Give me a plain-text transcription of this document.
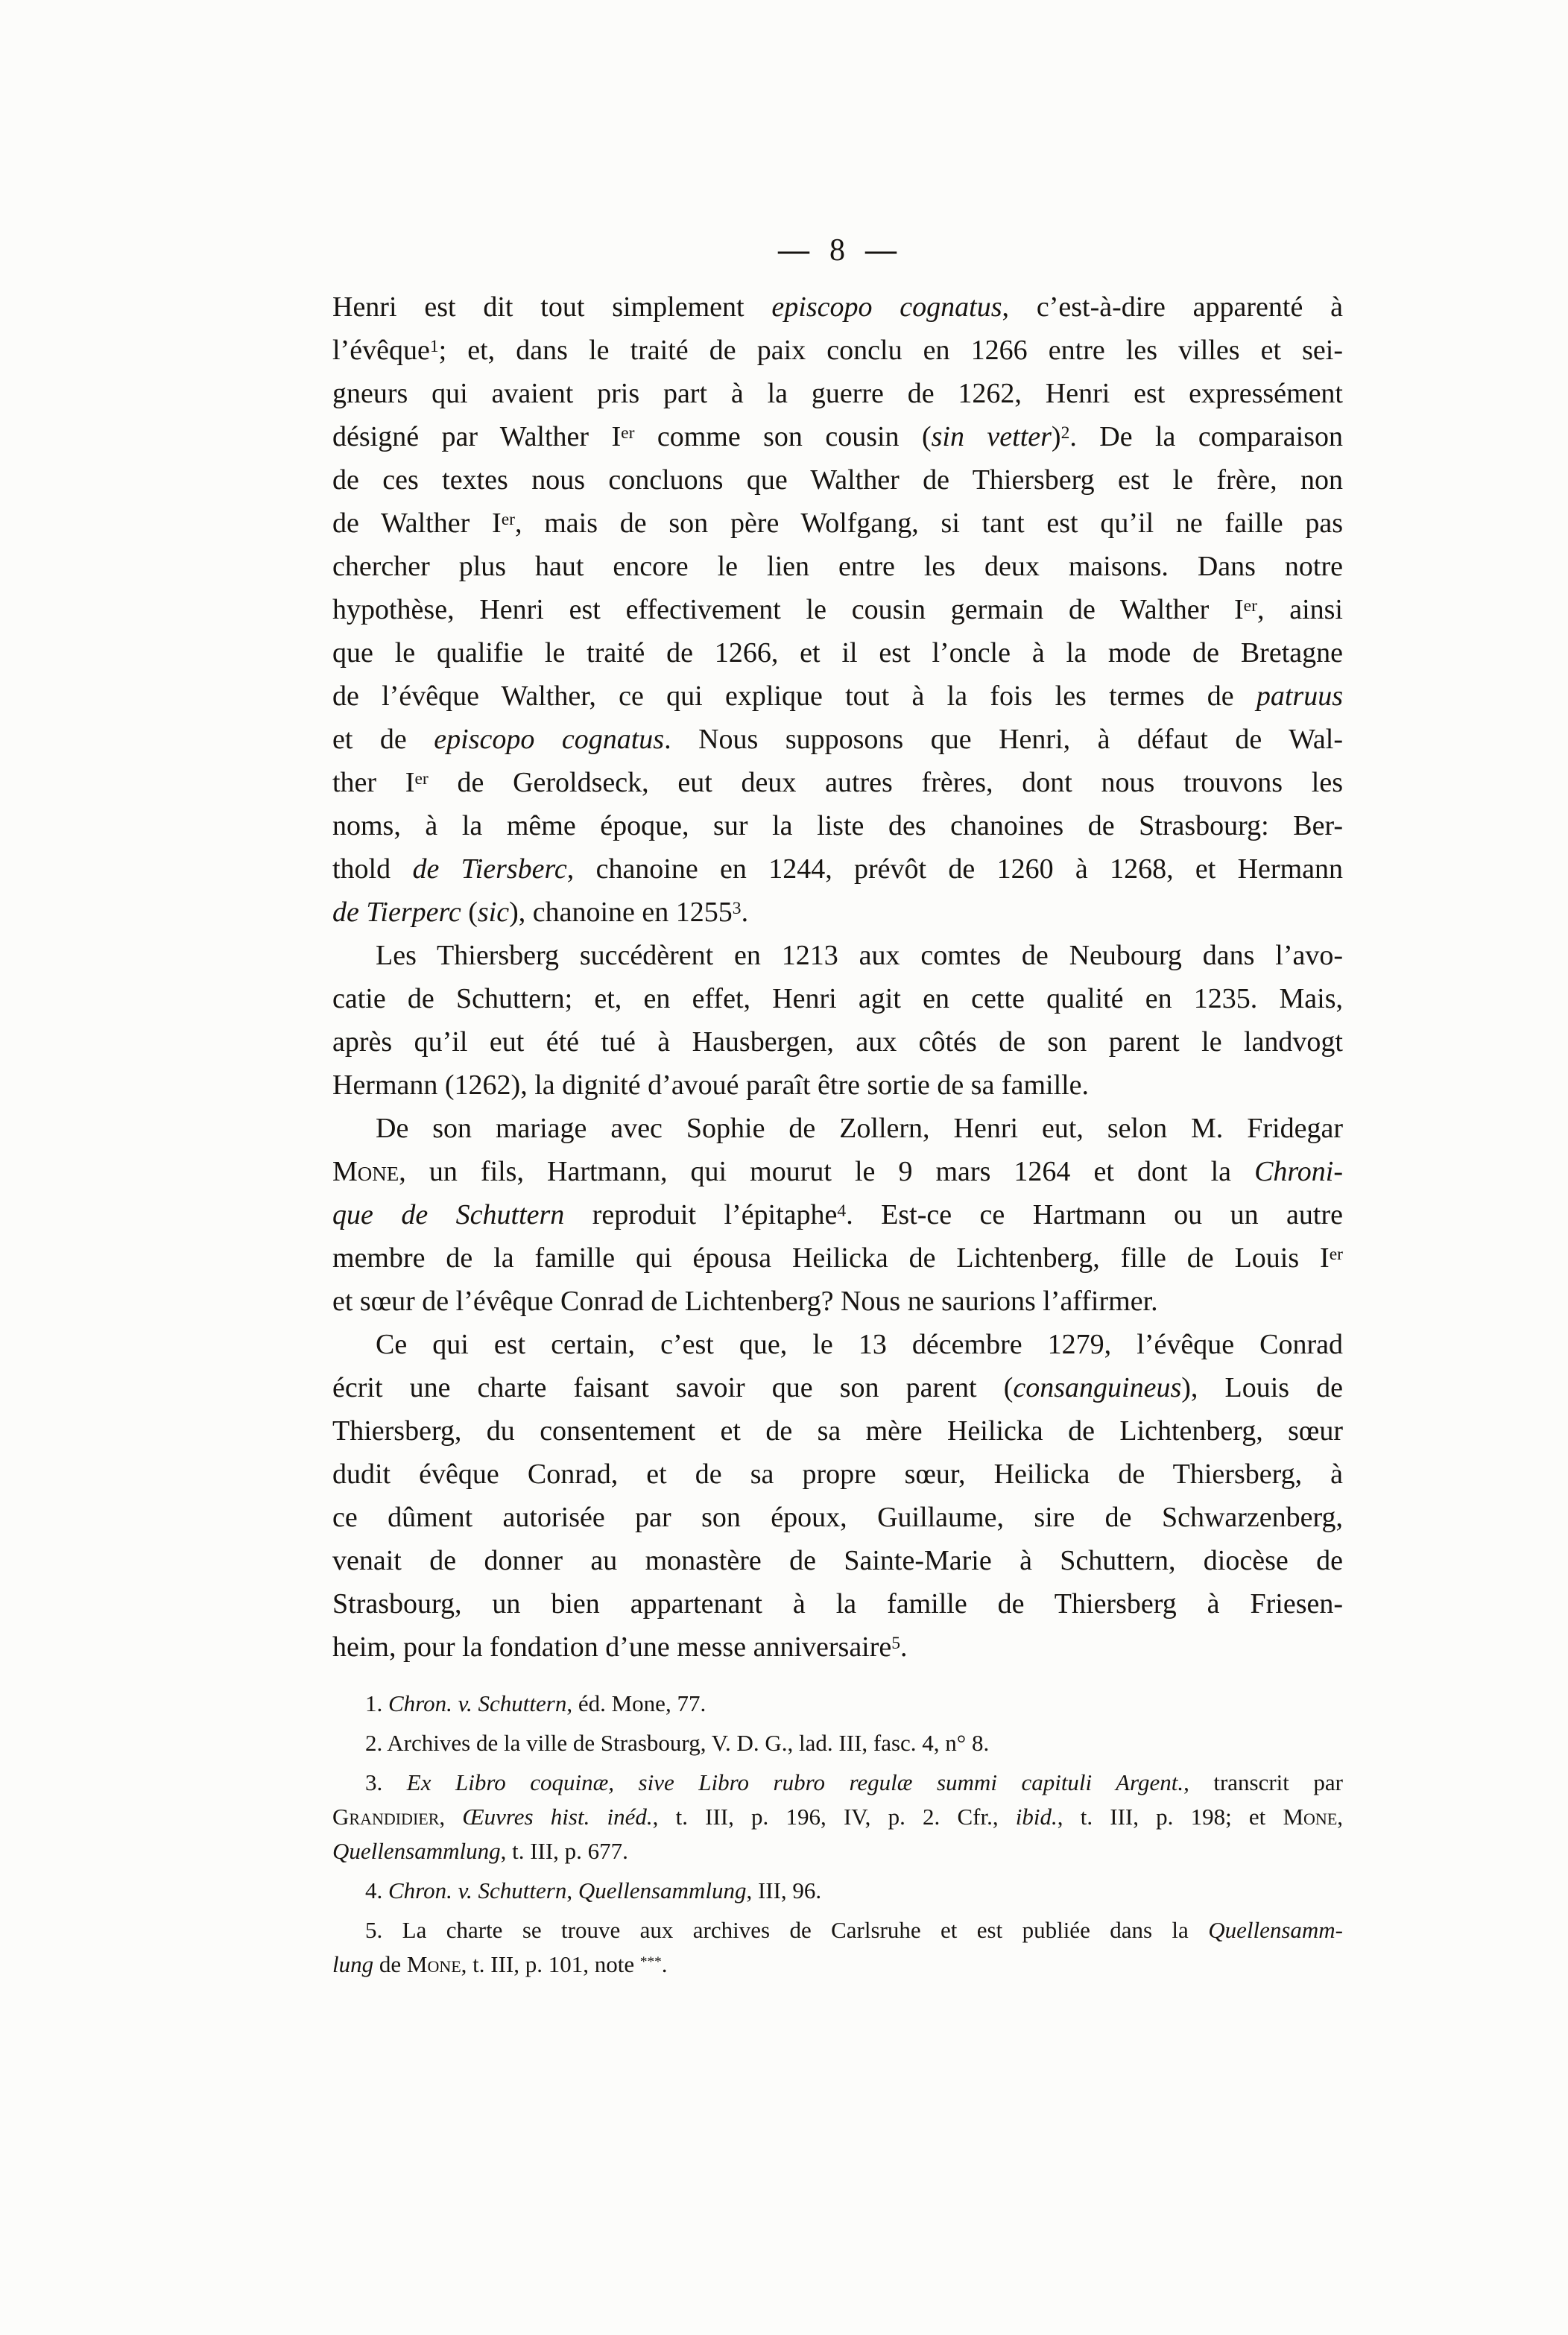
— 8 —
Henri est dit tout simplement episcopo cognatus, c’est-à-dire apparenté à
l’évêque$^1$; et, dans le traité de paix conclu en 1266 entre les villes et sei-
gneurs qui avaient pris part à la guerre de 1262, Henri est expressément
désigné par Walther Ier comme son cousin (sin vetter)$^2$. De la comparaison
de ces textes nous concluons que Walther de Thiersberg est le frère, non
de Walther Ier, mais de son père Wolfgang, si tant est qu’il ne faille pas
chercher plus haut encore le lien entre les deux maisons. Dans notre
hypothèse, Henri est effectivement le cousin germain de Walther Ier, ainsi
que le qualifie le traité de 1266, et il est l’oncle à la mode de Bretagne
de l’évêque Walther, ce qui explique tout à la fois les termes de patruus
et de episcopo cognatus. Nous supposons que Henri, à défaut de Wal-
ther Ier de Geroldseck, eut deux autres frères, dont nous trouvons les
noms, à la même époque, sur la liste des chanoines de Strasbourg: Ber-
thold de Tiersberc, chanoine en 1244, prévôt de 1260 à 1268, et Hermann
de Tierperc (sic), chanoine en 1255$^3$.
Les Thiersberg succédèrent en 1213 aux comtes de Neubourg dans l’avo-
catie de Schuttern; et, en effet, Henri agit en cette qualité en 1235. Mais,
après qu’il eut été tué à Hausbergen, aux côtés de son parent le landvogt
Hermann (1262), la dignité d’avoué paraît être sortie de sa famille.
De son mariage avec Sophie de Zollern, Henri eut, selon M. Fridegar
Mone, un fils, Hartmann, qui mourut le 9 mars 1264 et dont la Chroni-
que de Schuttern reproduit l’épitaphe$^4$. Est-ce ce Hartmann ou un autre
membre de la famille qui épousa Heilicka de Lichtenberg, fille de Louis Ier
et sœur de l’évêque Conrad de Lichtenberg? Nous ne saurions l’affirmer.
Ce qui est certain, c’est que, le 13 décembre 1279, l’évêque Conrad
écrit une charte faisant savoir que son parent (consanguineus), Louis de
Thiersberg, du consentement et de sa mère Heilicka de Lichtenberg, sœur
dudit évêque Conrad, et de sa propre sœur, Heilicka de Thiersberg, à
ce dûment autorisée par son époux, Guillaume, sire de Schwarzenberg,
venait de donner au monastère de Sainte-Marie à Schuttern, diocèse de
Strasbourg, un bien appartenant à la famille de Thiersberg à Friesen-
heim, pour la fondation d’une messe anniversaire$^5$.
1. Chron. v. Schuttern, éd. Mone, 77.
2. Archives de la ville de Strasbourg, V. D. G., lad. III, fasc. 4, n° 8.
3. Ex Libro coquinæ, sive Libro rubro regulæ summi capituli Argent., transcrit par
Grandidier, Œuvres hist. inéd., t. III, p. 196, IV, p. 2. Cfr., ibid., t. III, p. 198; et Mone,
Quellensammlung, t. III, p. 677.
4. Chron. v. Schuttern, Quellensammlung, III, 96.
5. La charte se trouve aux archives de Carlsruhe et est publiée dans la Quellensamm-
lung de Mone, t. III, p. 101, note ***.
